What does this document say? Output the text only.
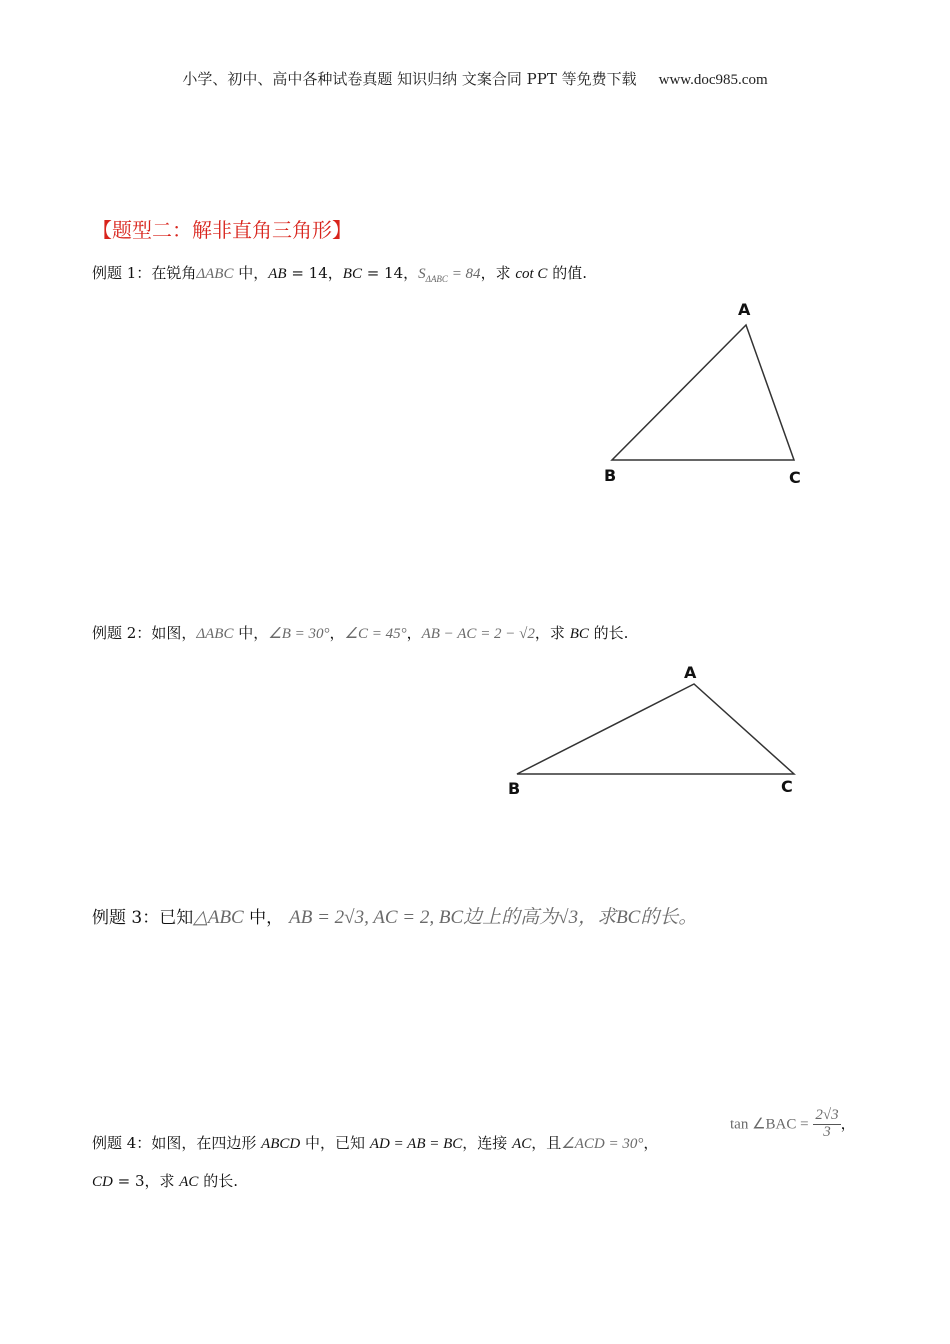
小学、初中、高中各种试卷真题 知识归纳 文案合同 PPT 等免费下载 www.doc985.com
【题型二：解非直角三角形】
例题 1：在锐角ΔABC 中，AB = 14，BC = 14，$S_{\Delta ABC} = 84$，求 cot C 的值.
A
B	C
例题 2：如图，ΔABC 中，∠B = 30°，∠C = 45°，AB − AC = 2 − √2，求 BC 的长.
A
B	C
例题 3：已知△ABC 中， AB = 2√3, AC = 2, BC边上的高为√3，求BC的长。
例题 4：如图，在四边形 ABCD 中，已知 AD = AB = BC，连接 AC，且∠ACD = 30°，
tan ∠BAC = $\frac{2√3}{3}$ ，
CD = 3，求 AC 的长.
